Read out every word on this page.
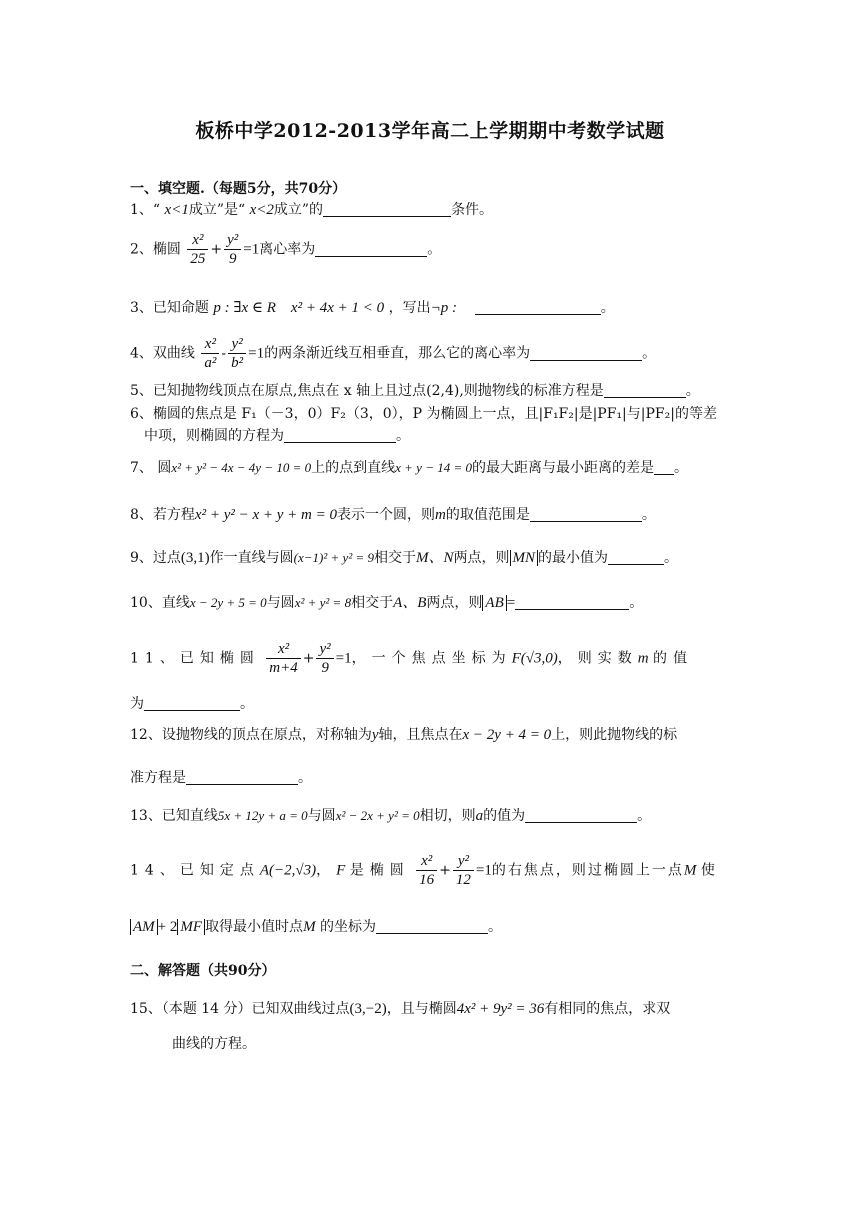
板桥中学2012-2013学年高二上学期期中考数学试题
一、填空题.（每题5分，共70分）
1、“ x<1成立”是“ x<2成立”的	条件。
2、椭圆 $\frac{\text{x²}}{25} + \frac{\text{y²}}{9} =1$离心率为	。
3、已知命题 p : ∃x ∈ R    x² + 4x + 1 < 0 ，写出¬p :	。
4、双曲线 $\frac{\text{x²}}{\text{a²}} - \frac{\text{y²}}{\text{b²}} =1$的两条渐近线互相垂直，那么它的离心率为	。
5、已知抛物线顶点在原点,焦点在 x 轴上且过点(2,4),则抛物线的标准方程是	。
6、椭圆的焦点是 F₁（－3，0）F₂（3，0），P 为椭圆上一点，且|F₁F₂|是|PF₁|与|PF₂|的等差
中项，则椭圆的方程为	。
7、 圆x² + y² − 4x − 4y − 10 = 0上的点到直线x + y − 14 = 0的最大距离与最小距离的差是 。
8、若方程x² + y² − x + y + m = 0表示一个圆，则m的取值范围是	。
9、过点(3,1)作一直线与圆(x−1)² + y² = 9相交于M、N两点，则 MN 的最小值为	。
10、直线x − 2y + 5 = 0与圆x² + y² = 8相交于A、B两点，则 AB =	。
11、已知椭圆 $\frac{\text{x²}}{m+4} + \frac{\text{y²}}{9} =1$，一个焦点坐标为F(√3,0)，则实数m 的值
为	。
12、设抛物线的顶点在原点，对称轴为y轴，且焦点在x − 2y + 4 = 0上，则此抛物线的标
准方程是	。
13、已知直线5x + 12y + a = 0与圆x² − 2x + y² = 0相切，则a的值为	。
14、已知定点A(−2,√3)，F 是椭圆 $\frac{\text{x²}}{16} + \frac{\text{y²}}{12} =1$的右焦点，则过椭圆上一点M 使
AM + 2 MF 取得最小值时点M 的坐标为	。
二、解答题（共90分）
15、（本题 14 分）已知双曲线过点(3,−2)，且与椭圆4x² + 9y² = 36有相同的焦点，求双
曲线的方程。
